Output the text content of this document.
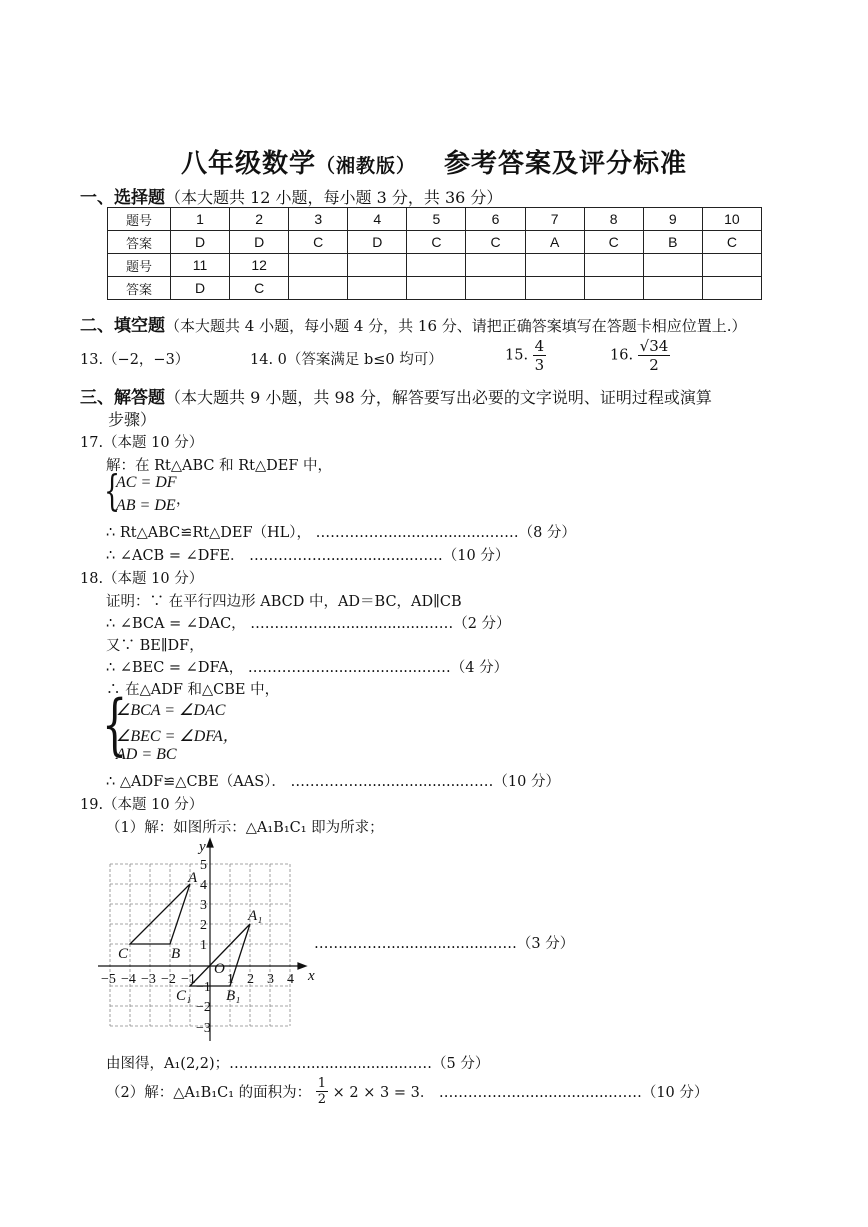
八年级数学（湘教版） 参考答案及评分标准
一、选择题（本大题共 12 小题，每小题 3 分，共 36 分）
题号	1	2	3	4	5	6	7	8	9	10
答案	D	D	C	D	C	C	A	C	B	C
题号	11	12								
答案	D	C								
二、填空题（本大题共 4 小题，每小题 4 分，共 16 分、请把正确答案填写在答题卡相应位置上.）
13.（−2，−3）	14. 0（答案满足 b≤0 均可）	15. $\frac{4}{3}$	16. $\frac{√34}{2}$
三、解答题（本大题共 9 小题，共 98 分，解答要写出必要的文字说明、证明过程或演算
步骤）
17.（本题 10 分）
解：在 Rt△ABC 和 Rt△DEF 中，
{
AC = DF
AB = DE ，
∴ Rt△ABC≌Rt△DEF（HL）， ……………......................……（8 分）
∴ ∠ACB = ∠DFE． ……………....................……（10 分）
18.（本题 10 分）
证明：∵ 在平行四边形 ABCD 中，AD＝BC，AD∥CB
∴ ∠BCA = ∠DAC， ……………......................……（2 分）
又∵ BE∥DF，
∴ ∠BEC = ∠DFA， ……………......................……（4 分）
∴ 在△ADF 和△CBE 中，
{
∠BCA = ∠DAC
∠BEC = ∠DFA，
AD = BC
∴ △ADF≌△CBE（AAS）． ……………......................……（10 分）
19.（本题 10 分）
（1）解：如图所示：△A₁B₁C₁ 即为所求；
−5 −4 −3 −2 −1 1 2 3 4
5
4
3
2
1
−2
−3
−1
O	x
y
A
B
C
A₁
B₁
C₁
……………......................……（3 分）
由图得，A₁(2,2)；……………......................……（5 分）
（2）解：△A₁B₁C₁ 的面积为： $\frac{1}{2} \times 2 \times 3 = 3$． ……………......................……（10 分）
